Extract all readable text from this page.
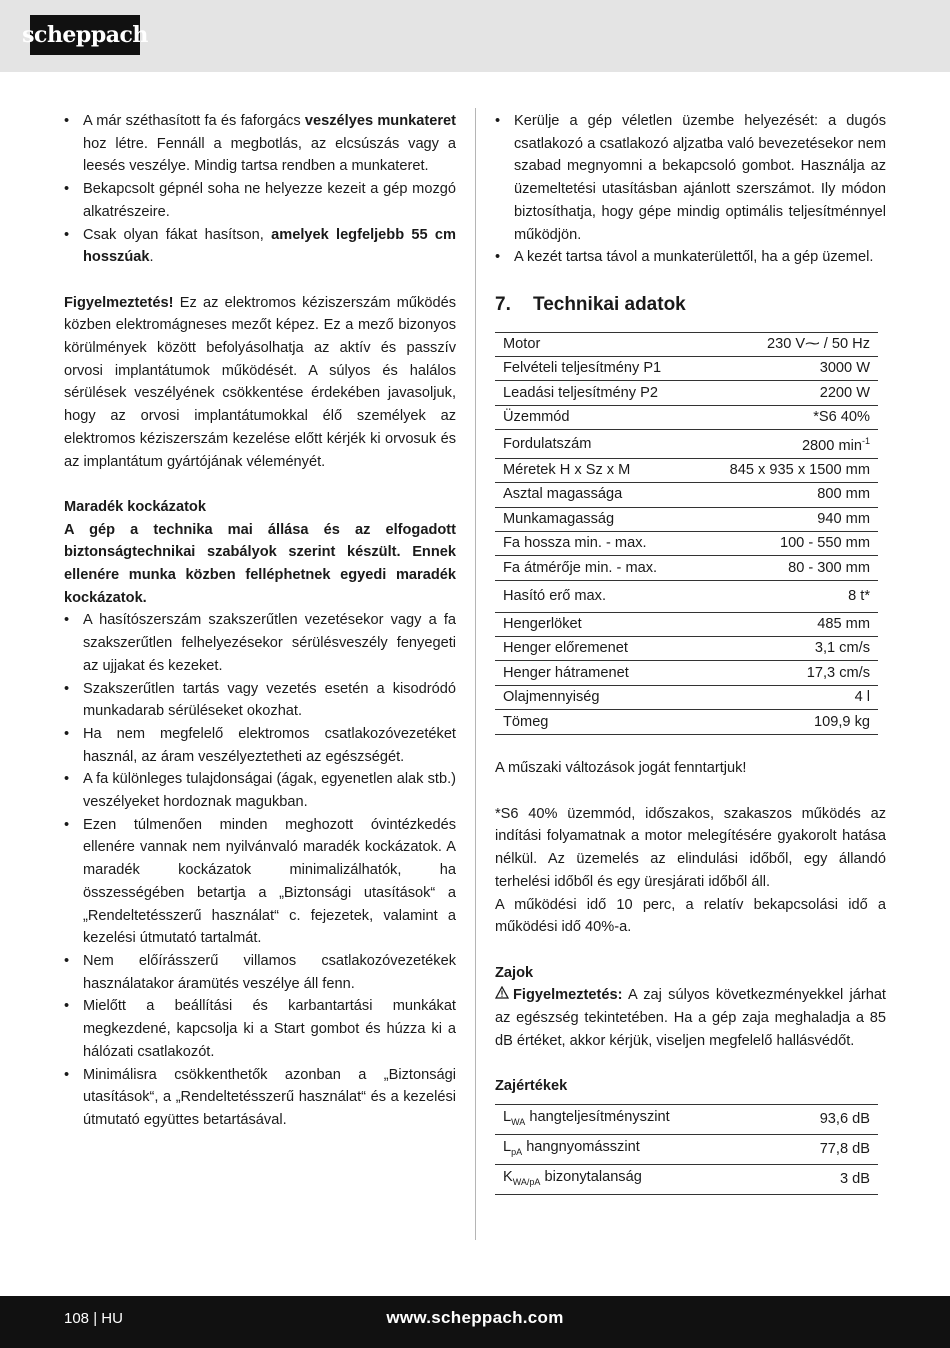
scheppach
• A már széthasított fa és faforgács veszélyes munkateret hoz létre. Fennáll a megbotlás, az elcsúszás vagy a leesés veszélye. Mindig tartsa rendben a munkateret.
• Bekapcsolt gépnél soha ne helyezze kezeit a gép mozgó alkatrészeire.
• Csak olyan fákat hasítson, amelyek legfeljebb 55 cm hosszúak.

Figyelmeztetés! Ez az elektromos kéziszerszám működés közben elektromágneses mezőt képez. Ez a mező bizonyos körülmények között befolyásolhatja az aktív és passzív orvosi implantátumok működését. A súlyos és halálos sérülések veszélyének csökkentése érdekében javasoljuk, hogy az orvosi implantátumokkal élő személyek az elektromos kéziszerszám kezelése előtt kérjék ki orvosuk és az implantátum gyártójának véleményét.

Maradék kockázatok

A gép a technika mai állása és az elfogadott biztonságtechnikai szabályok szerint készült. Ennek ellenére munka közben felléphetnek egyedi maradék kockázatok.

• A hasítószerszám szakszerűtlen vezetésekor vagy a fa szakszerűtlen felhelyezésekor sérülésveszély fenyegeti az ujjakat és kezeket.
• Szakszerűtlen tartás vagy vezetés esetén a kisodródó munkadarab sérüléseket okozhat.
• Ha nem megfelelő elektromos csatlakozóvezetéket használ, az áram veszélyeztetheti az egészségét.
• A fa különleges tulajdonságai (ágak, egyenetlen alak stb.) veszélyeket hordoznak magukban.
• Ezen túlmenően minden meghozott óvintézkedés ellenére vannak nem nyilvánvaló maradék kockázatok. A maradék kockázatok minimalizálhatók, ha összességében betartja a „Biztonsági utasítások“ a „Rendeltetésszerű használat“ c. fejezetek, valamint a kezelési útmutató tartalmát.
• Nem előírásszerű villamos csatlakozóvezetékek használatakor áramütés veszélye áll fenn.
• Mielőtt a beállítási és karbantartási munkákat megkezdené, kapcsolja ki a Start gombot és húzza ki a hálózati csatlakozót.
• Minimálisra csökkenthetők azonban a „Biztonsági utasítások“, a „Rendeltetésszerű használat“ és a kezelési útmutató együttes betartásával.
• Kerülje a gép véletlen üzembe helyezését: a dugós csatlakozó a csatlakozó aljzatba való bevezetésekor nem szabad megnyomni a bekapcsoló gombot. Használja az üzemeltetési utasításban ajánlott szerszámot. Ily módon biztosíthatja, hogy gépe mindig optimális teljesítménnyel működjön.
• A kezét tartsa távol a munkaterülettől, ha a gép üzemel.
7.	Technikai adatok
Motor	230 V⁓ / 50 Hz
Felvételi teljesítmény P1	3000 W
Leadási teljesítmény P2	2200 W
Üzemmód	*S6 40%
Fordulatszám	2800 $\min^{-1}$
Méretek H x Sz x M	845 x 935 x 1500 mm
Asztal magassága	800 mm
Munkamagasság	940 mm
Fa hossza min. - max.	100 - 550 mm
Fa átmérője min. - max.	80 - 300 mm
Hasító erő max.	8 t*
Hengerlöket	485 mm
Henger előremenet	3,1 cm/s
Henger hátramenet	17,3 cm/s
Olajmennyiség	4 l
Tömeg	109,9 kg

A műszaki változások jogát fenntartjuk!

*S6 40% üzemmód, időszakos, szakaszos működés az indítási folyamatnak a motor melegítésére gyakorolt hatása nélkül. Az üzemelés az elindulási időből, egy állandó terhelési időből és egy üresjárati időből áll.

A működési idő 10 perc, a relatív bekapcsolási idő a működési idő 40%-a.

Zajok

Figyelmeztetés: A zaj súlyos következményekkel járhat az egészség tekintetében. Ha a gép zaja meghaladja a 85 dB értéket, akkor kérjük, viseljen megfelelő hallásvédőt.

Zajértékek

$L_{WA}$ hangteljesítményszint	93,6 dB
$L_{pA}$ hangnyomásszint	77,8 dB
$K_{WA/pA}$ bizonytalanság	3 dB
108 | HU	www.scheppach.com
